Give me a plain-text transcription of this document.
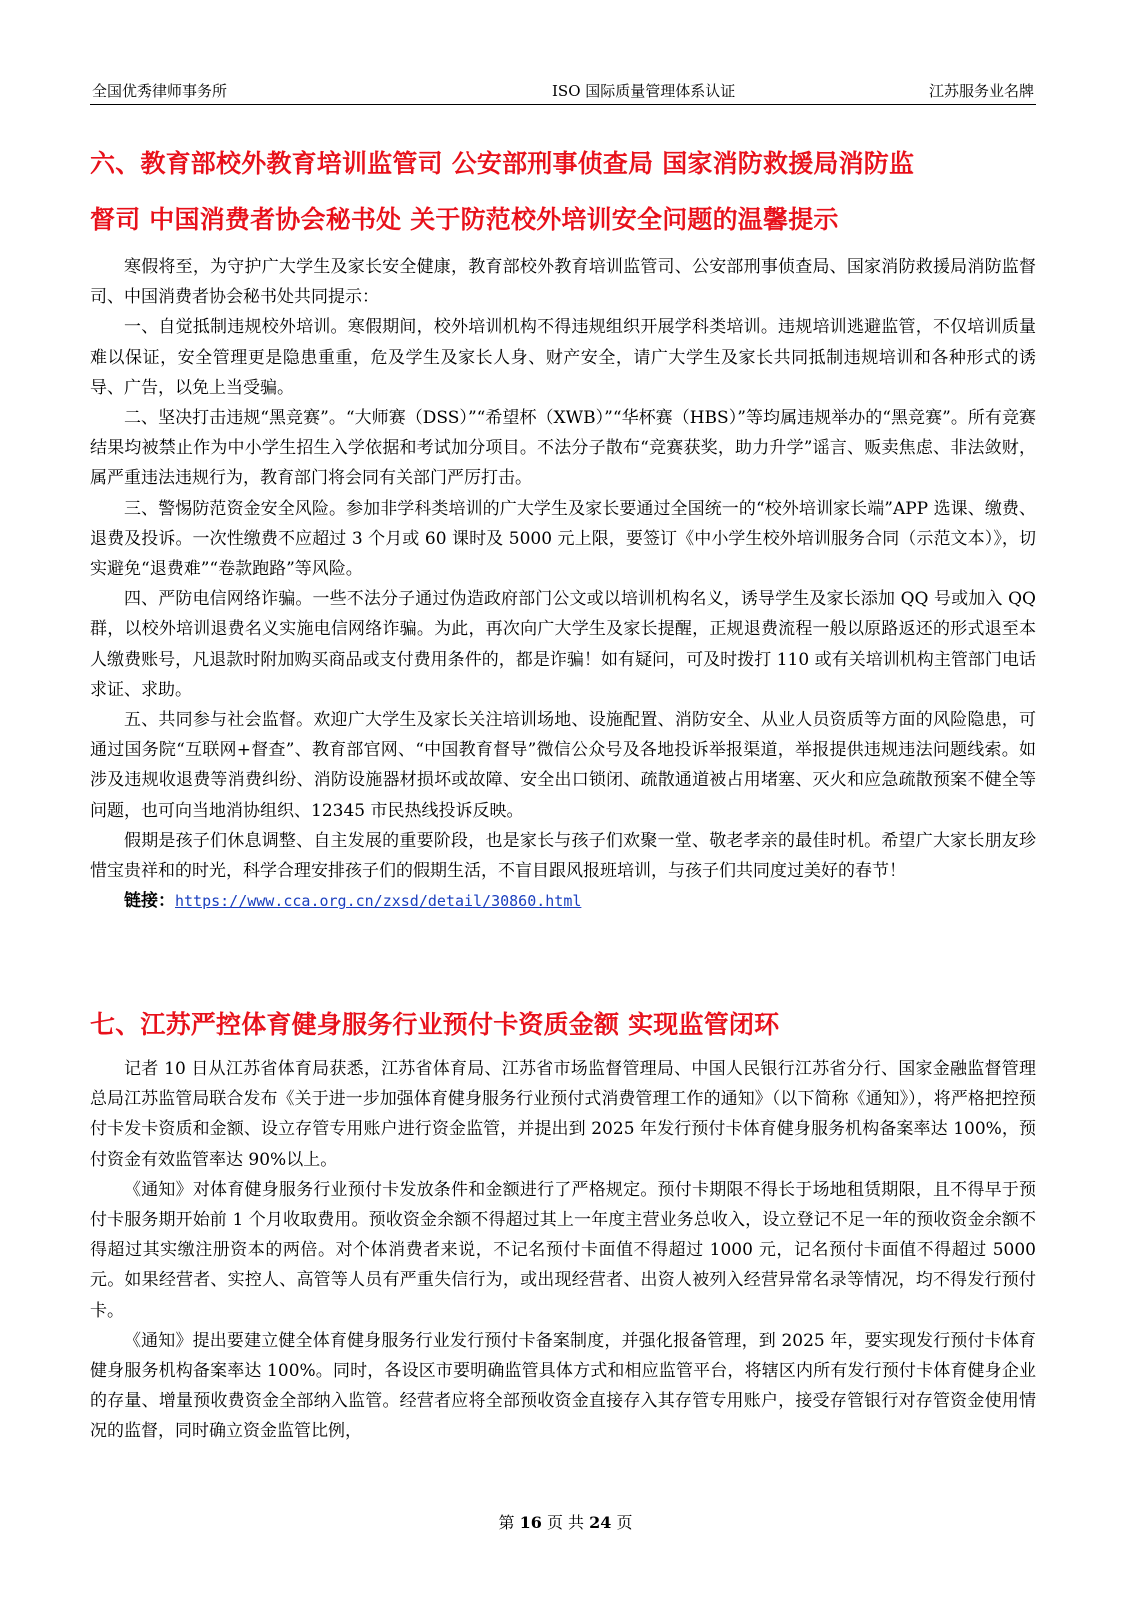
全国优秀律师事务所	ISO 国际质量管理体系认证	江苏服务业名牌
六、教育部校外教育培训监管司 公安部刑事侦查局 国家消防救援局消防监
督司 中国消费者协会秘书处 关于防范校外培训安全问题的温馨提示

寒假将至，为守护广大学生及家长安全健康，教育部校外教育培训监管司、公安部刑事侦查局、国家消防救援局消防监督司、中国消费者协会秘书处共同提示：

一、自觉抵制违规校外培训。寒假期间，校外培训机构不得违规组织开展学科类培训。违规培训逃避监管，不仅培训质量难以保证，安全管理更是隐患重重，危及学生及家长人身、财产安全，请广大学生及家长共同抵制违规培训和各种形式的诱导、广告，以免上当受骗。

二、坚决打击违规“黑竞赛”。“大师赛（DSS）”“希望杯（XWB）”“华杯赛（HBS）”等均属违规举办的“黑竞赛”。所有竞赛结果均被禁止作为中小学生招生入学依据和考试加分项目。不法分子散布“竞赛获奖，助力升学”谣言、贩卖焦虑、非法敛财，属严重违法违规行为，教育部门将会同有关部门严厉打击。

三、警惕防范资金安全风险。参加非学科类培训的广大学生及家长要通过全国统一的“校外培训家长端”APP 选课、缴费、退费及投诉。一次性缴费不应超过 3 个月或 60 课时及 5000 元上限，要签订《中小学生校外培训服务合同（示范文本）》，切实避免“退费难”“卷款跑路”等风险。

四、严防电信网络诈骗。一些不法分子通过伪造政府部门公文或以培训机构名义，诱导学生及家长添加 QQ 号或加入 QQ 群，以校外培训退费名义实施电信网络诈骗。为此，再次向广大学生及家长提醒，正规退费流程一般以原路返还的形式退至本人缴费账号，凡退款时附加购买商品或支付费用条件的，都是诈骗！如有疑问，可及时拨打 110 或有关培训机构主管部门电话求证、求助。

五、共同参与社会监督。欢迎广大学生及家长关注培训场地、设施配置、消防安全、从业人员资质等方面的风险隐患，可通过国务院“互联网+督查”、教育部官网、“中国教育督导”微信公众号及各地投诉举报渠道，举报提供违规违法问题线索。如涉及违规收退费等消费纠纷、消防设施器材损坏或故障、安全出口锁闭、疏散通道被占用堵塞、灭火和应急疏散预案不健全等问题，也可向当地消协组织、12345 市民热线投诉反映。

假期是孩子们休息调整、自主发展的重要阶段，也是家长与孩子们欢聚一堂、敬老孝亲的最佳时机。希望广大家长朋友珍惜宝贵祥和的时光，科学合理安排孩子们的假期生活，不盲目跟风报班培训，与孩子们共同度过美好的春节！

链接：https://www.cca.org.cn/zxsd/detail/30860.html

七、江苏严控体育健身服务行业预付卡资质金额 实现监管闭环

记者 10 日从江苏省体育局获悉，江苏省体育局、江苏省市场监督管理局、中国人民银行江苏省分行、国家金融监督管理总局江苏监管局联合发布《关于进一步加强体育健身服务行业预付式消费管理工作的通知》（以下简称《通知》），将严格把控预付卡发卡资质和金额、设立存管专用账户进行资金监管，并提出到 2025 年发行预付卡体育健身服务机构备案率达 100%，预付资金有效监管率达 90%以上。

《通知》对体育健身服务行业预付卡发放条件和金额进行了严格规定。预付卡期限不得长于场地租赁期限，且不得早于预付卡服务期开始前 1 个月收取费用。预收资金余额不得超过其上一年度主营业务总收入，设立登记不足一年的预收资金余额不得超过其实缴注册资本的两倍。对个体消费者来说，不记名预付卡面值不得超过 1000 元，记名预付卡面值不得超过 5000 元。如果经营者、实控人、高管等人员有严重失信行为，或出现经营者、出资人被列入经营异常名录等情况，均不得发行预付卡。

《通知》提出要建立健全体育健身服务行业发行预付卡备案制度，并强化报备管理，到 2025 年，要实现发行预付卡体育健身服务机构备案率达 100%。同时，各设区市要明确监管具体方式和相应监管平台，将辖区内所有发行预付卡体育健身企业的存量、增量预收费资金全部纳入监管。经营者应将全部预收资金直接存入其存管专用账户，接受存管银行对存管资金使用情况的监督，同时确立资金监管比例，

第 16 页 共 24 页
